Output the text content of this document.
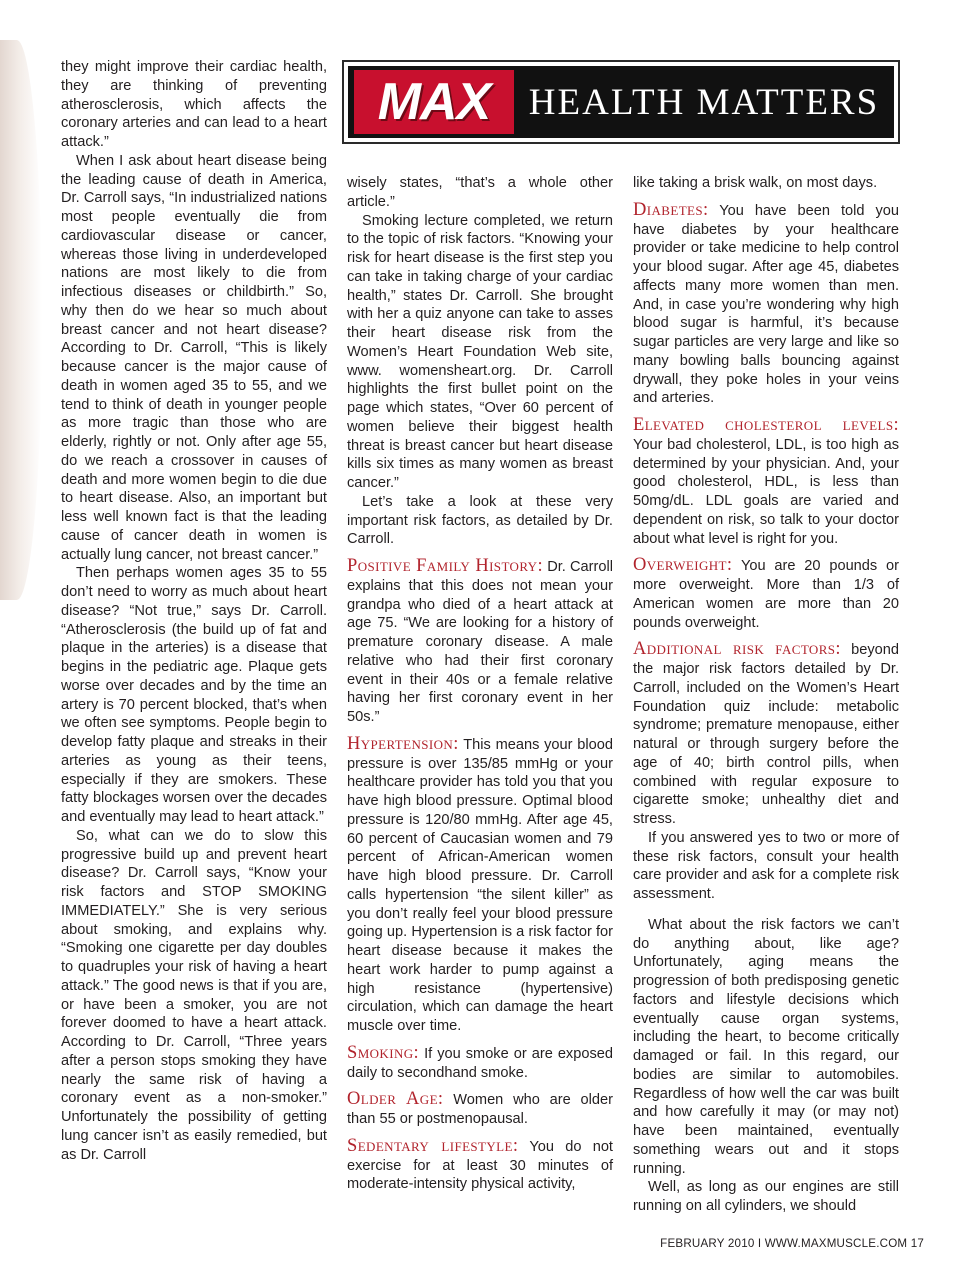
MAX	HEALTH MATTERS

they might improve their cardiac health, they are thinking of preventing atherosclerosis, which affects the coronary arteries and can lead to a heart attack.”

When I ask about heart disease being the leading cause of death in America, Dr. Carroll says, “In industrialized nations most people eventually die from cardiovascular disease or cancer, whereas those living in underdeveloped nations are most likely to die from infectious diseases or childbirth.” So, why then do we hear so much about breast cancer and not heart disease? According to Dr. Carroll, “This is likely because cancer is the major cause of death in women aged 35 to 55, and we tend to think of death in younger people as more tragic than those who are elderly, rightly or not. Only after age 55, do we reach a crossover in causes of death and more women begin to die due to heart disease. Also, an important but less well known fact is that the leading cause of cancer death in women is actually lung cancer, not breast cancer.”

Then perhaps women ages 35 to 55 don’t need to worry as much about heart disease? “Not true,” says Dr. Carroll. “Atherosclerosis (the build up of fat and plaque in the arteries) is a disease that begins in the pediatric age. Plaque gets worse over decades and by the time an artery is 70 percent blocked, that’s when we often see symptoms. People begin to develop fatty plaque and streaks in their arteries as young as their teens, especially if they are smokers. These fatty blockages worsen over the decades and eventually may lead to heart attack.”

So, what can we do to slow this progressive build up and prevent heart disease? Dr. Carroll says, “Know your risk factors and STOP SMOKING IMMEDIATELY.” She is very serious about smoking, and explains why. “Smoking one cigarette per day doubles to quadruples your risk of having a heart attack.” The good news is that if you are, or have been a smoker, you are not forever doomed to have a heart attack. According to Dr. Carroll, “Three years after a person stops smoking they have nearly the same risk of having a coronary event as a non-smoker.” Unfortunately the possibility of getting lung cancer isn’t as easily remedied, but as Dr. Carroll

wisely states, “that’s a whole other article.”

Smoking lecture completed, we return to the topic of risk factors. “Knowing your risk for heart disease is the first step you can take in taking charge of your cardiac health,” states Dr. Carroll. She brought with her a quiz anyone can take to asses their heart disease risk from the Women’s Heart Foundation Web site, www. womensheart.org. Dr. Carroll highlights the first bullet point on the page which states, “Over 60 percent of women believe their biggest health threat is breast cancer but heart disease kills six times as many women as breast cancer.”

Let’s take a look at these very important risk factors, as detailed by Dr. Carroll.

Positive Family History: Dr. Carroll explains that this does not mean your grandpa who died of a heart attack at age 75. “We are looking for a history of premature coronary disease. A male relative who had their first coronary event in their 40s or a female relative having her first coronary event in her 50s.”

Hypertension: This means your blood pressure is over 135/85 mmHg or your healthcare provider has told you that you have high blood pressure. Optimal blood pressure is 120/80 mmHg. After age 45, 60 percent of Caucasian women and 79 percent of African-American women have high blood pressure. Dr. Carroll calls hypertension “the silent killer” as you don’t really feel your blood pressure going up. Hypertension is a risk factor for heart disease because it makes the heart work harder to pump against a high resistance (hypertensive) circulation, which can damage the heart muscle over time.

Smoking: If you smoke or are exposed daily to secondhand smoke.

Older Age: Women who are older than 55 or postmenopausal.

Sedentary lifestyle: You do not exercise for at least 30 minutes of moderate-intensity physical activity,

like taking a brisk walk, on most days.

Diabetes: You have been told you have diabetes by your healthcare provider or take medicine to help control your blood sugar. After age 45, diabetes affects many more women than men. And, in case you’re wondering why high blood sugar is harmful, it’s because sugar particles are very large and like so many bowling balls bouncing against drywall, they poke holes in your veins and arteries.

Elevated cholesterol levels: Your bad cholesterol, LDL, is too high as determined by your physician. And, your good cholesterol, HDL, is less than 50mg/dL. LDL goals are varied and dependent on risk, so talk to your doctor about what level is right for you.

Overweight: You are 20 pounds or more overweight. More than 1/3 of American women are more than 20 pounds overweight.

Additional risk factors: beyond the major risk factors detailed by Dr. Carroll, included on the Women’s Heart Foundation quiz include: metabolic syndrome; premature menopause, either natural or through surgery before the age of 40; birth control pills, when combined with regular exposure to cigarette smoke; unhealthy diet and stress.

If you answered yes to two or more of these risk factors, consult your health care provider and ask for a complete risk assessment.

What about the risk factors we can’t do anything about, like age? Unfortunately, aging means the progression of both predisposing genetic factors and lifestyle decisions which eventually cause organ systems, including the heart, to become critically damaged or fail. In this regard, our bodies are similar to automobiles. Regardless of how well the car was built and how carefully it may (or may not) have been maintained, eventually something wears out and it stops running.

Well, as long as our engines are still running on all cylinders, we should

FEBRUARY 2010 I WWW.MAXMUSCLE.COM 17
